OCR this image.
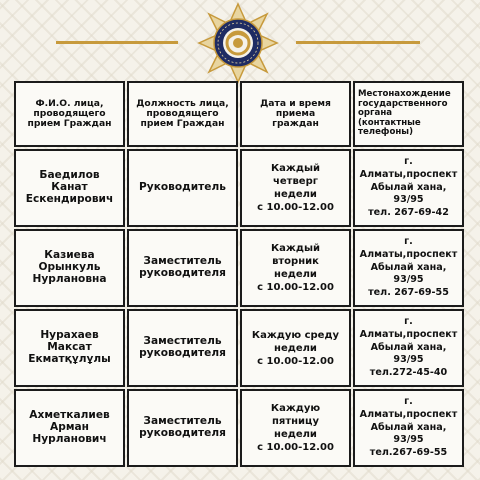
Ф.И.О. лица,
проводящего
прием Граждан	Должность лица,
проводящего
прием Граждан	Дата и время
приема
граждан	Местонахождение
государственного
органа
(контактные телефоны)

Баедилов
Канат
Ескендирович	Руководитель	Каждый
четверг
недели
с 10.00-12.00	г. Алматы,проспект
Абылай хана, 93/95
тел. 267-69-42

Казиева
Орынкуль
Нурлановна	Заместитель
руководителя	Каждый
вторник
недели
с 10.00-12.00	г. Алматы,проспект
Абылай хана, 93/95
тел. 267-69-55

Нурахаев
Максат
Екматқұлұлы	Заместитель
руководителя	Каждую среду
недели
с 10.00-12.00	г. Алматы,проспект
Абылай хана, 93/95
тел.272-45-40

Ахметкалиев
Арман
Нурланович	Заместитель
руководителя	Каждую
пятницу
недели
с 10.00-12.00	г. Алматы,проспект
Абылай хана, 93/95
тел.267-69-55
